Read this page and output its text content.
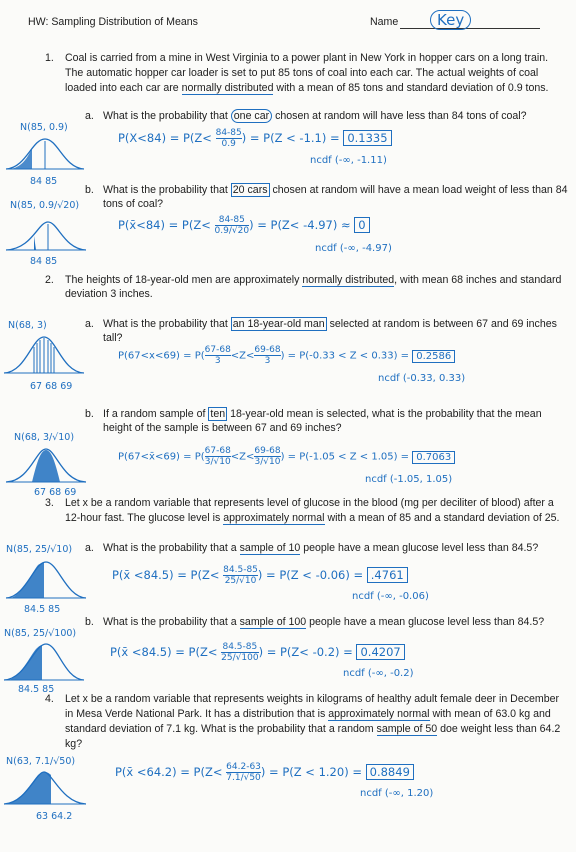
HW: Sampling Distribution of Means	Name	Key
1. Coal is carried from a mine in West Virginia to a power plant in New York in hopper cars on a long train.
The automatic hopper car loader is set to put 85 tons of coal into each car. The actual weights of coal
loaded into each car are normally distributed with a mean of 85 tons and standard deviation of 0.9 tons.
a. What is the probability that one car chosen at random will have less than 84 tons of coal?
$P(X<84) = P(Z< \frac{84-85}{0.9}$ ) = P(Z < -1.1) = 0.1335
ncdf (-∞, -1.11)
N(85, 0.9)
84 85
b. What is the probability that 20 cars chosen at random will have a mean load weight of less than 84
tons of coal?
P(x̄<84) = $P(Z< \frac{84-85}{0.9/√20}$ ) = P(Z< -4.97) ≈ 0
ncdf (-∞, -4.97)
N(85, 0.9/√20)
84 85
2. The heights of 18-year-old men are approximately normally distributed, with mean 68 inches and standard
deviation 3 inches.
a. What is the probability that an 18-year-old man selected at random is between 67 and 69 inches
tall?
$P(67<x<69) = P( \frac{67-68}{3} <Z< \frac{69-68}{3}$ ) = P(-0.33 < Z < 0.33) = 0.2586
ncdf (-0.33, 0.33)
N(68, 3)
67 68 69
b. If a random sample of ten 18-year-old mean is selected, what is the probability that the mean
height of the sample is between 67 and 69 inches?
P(67<x̄<69) = $P( \frac{67-68}{3/√10} <Z< \frac{69-68}{3/√10}$ ) = P(-1.05 < Z < 1.05) = 0.7063
ncdf (-1.05, 1.05)
N(68, 3/√10)
67 68 69
3. Let x be a random variable that represents level of glucose in the blood (mg per deciliter of blood) after a
12-hour fast. The glucose level is approximately normal with a mean of 85 and a standard deviation of 25.
a. What is the probability that a sample of 10 people have a mean glucose level less than 84.5?
P(x̄ $<84.5) = P(Z< \frac{84.5-85}{25/√10}$ ) = P(Z < -0.06) = .4761
ncdf (-∞, -0.06)
N(85, 25/√10)
84.5 85
b. What is the probability that a sample of 100 people have a mean glucose level less than 84.5?
P(x̄ $<84.5) = P(Z< \frac{84.5-85}{25/√100}$ ) = P(Z< -0.2) = 0.4207
ncdf (-∞, -0.2)
N(85, 25/√100)
84.5 85
4. Let x be a random variable that represents weights in kilograms of healthy adult female deer in December
in Mesa Verde National Park. It has a distribution that is approximately normal with mean of 63.0 kg and
standard deviation of 7.1 kg. What is the probability that a random sample of 50 doe weight less than 64.2
kg?
P(x̄ $<64.2) = P(Z< \frac{64.2-63}{7.1/√50}$ ) = P(Z < 1.20) = 0.8849
ncdf (-∞, 1.20)
N(63, 7.1/√50)
63 64.2
